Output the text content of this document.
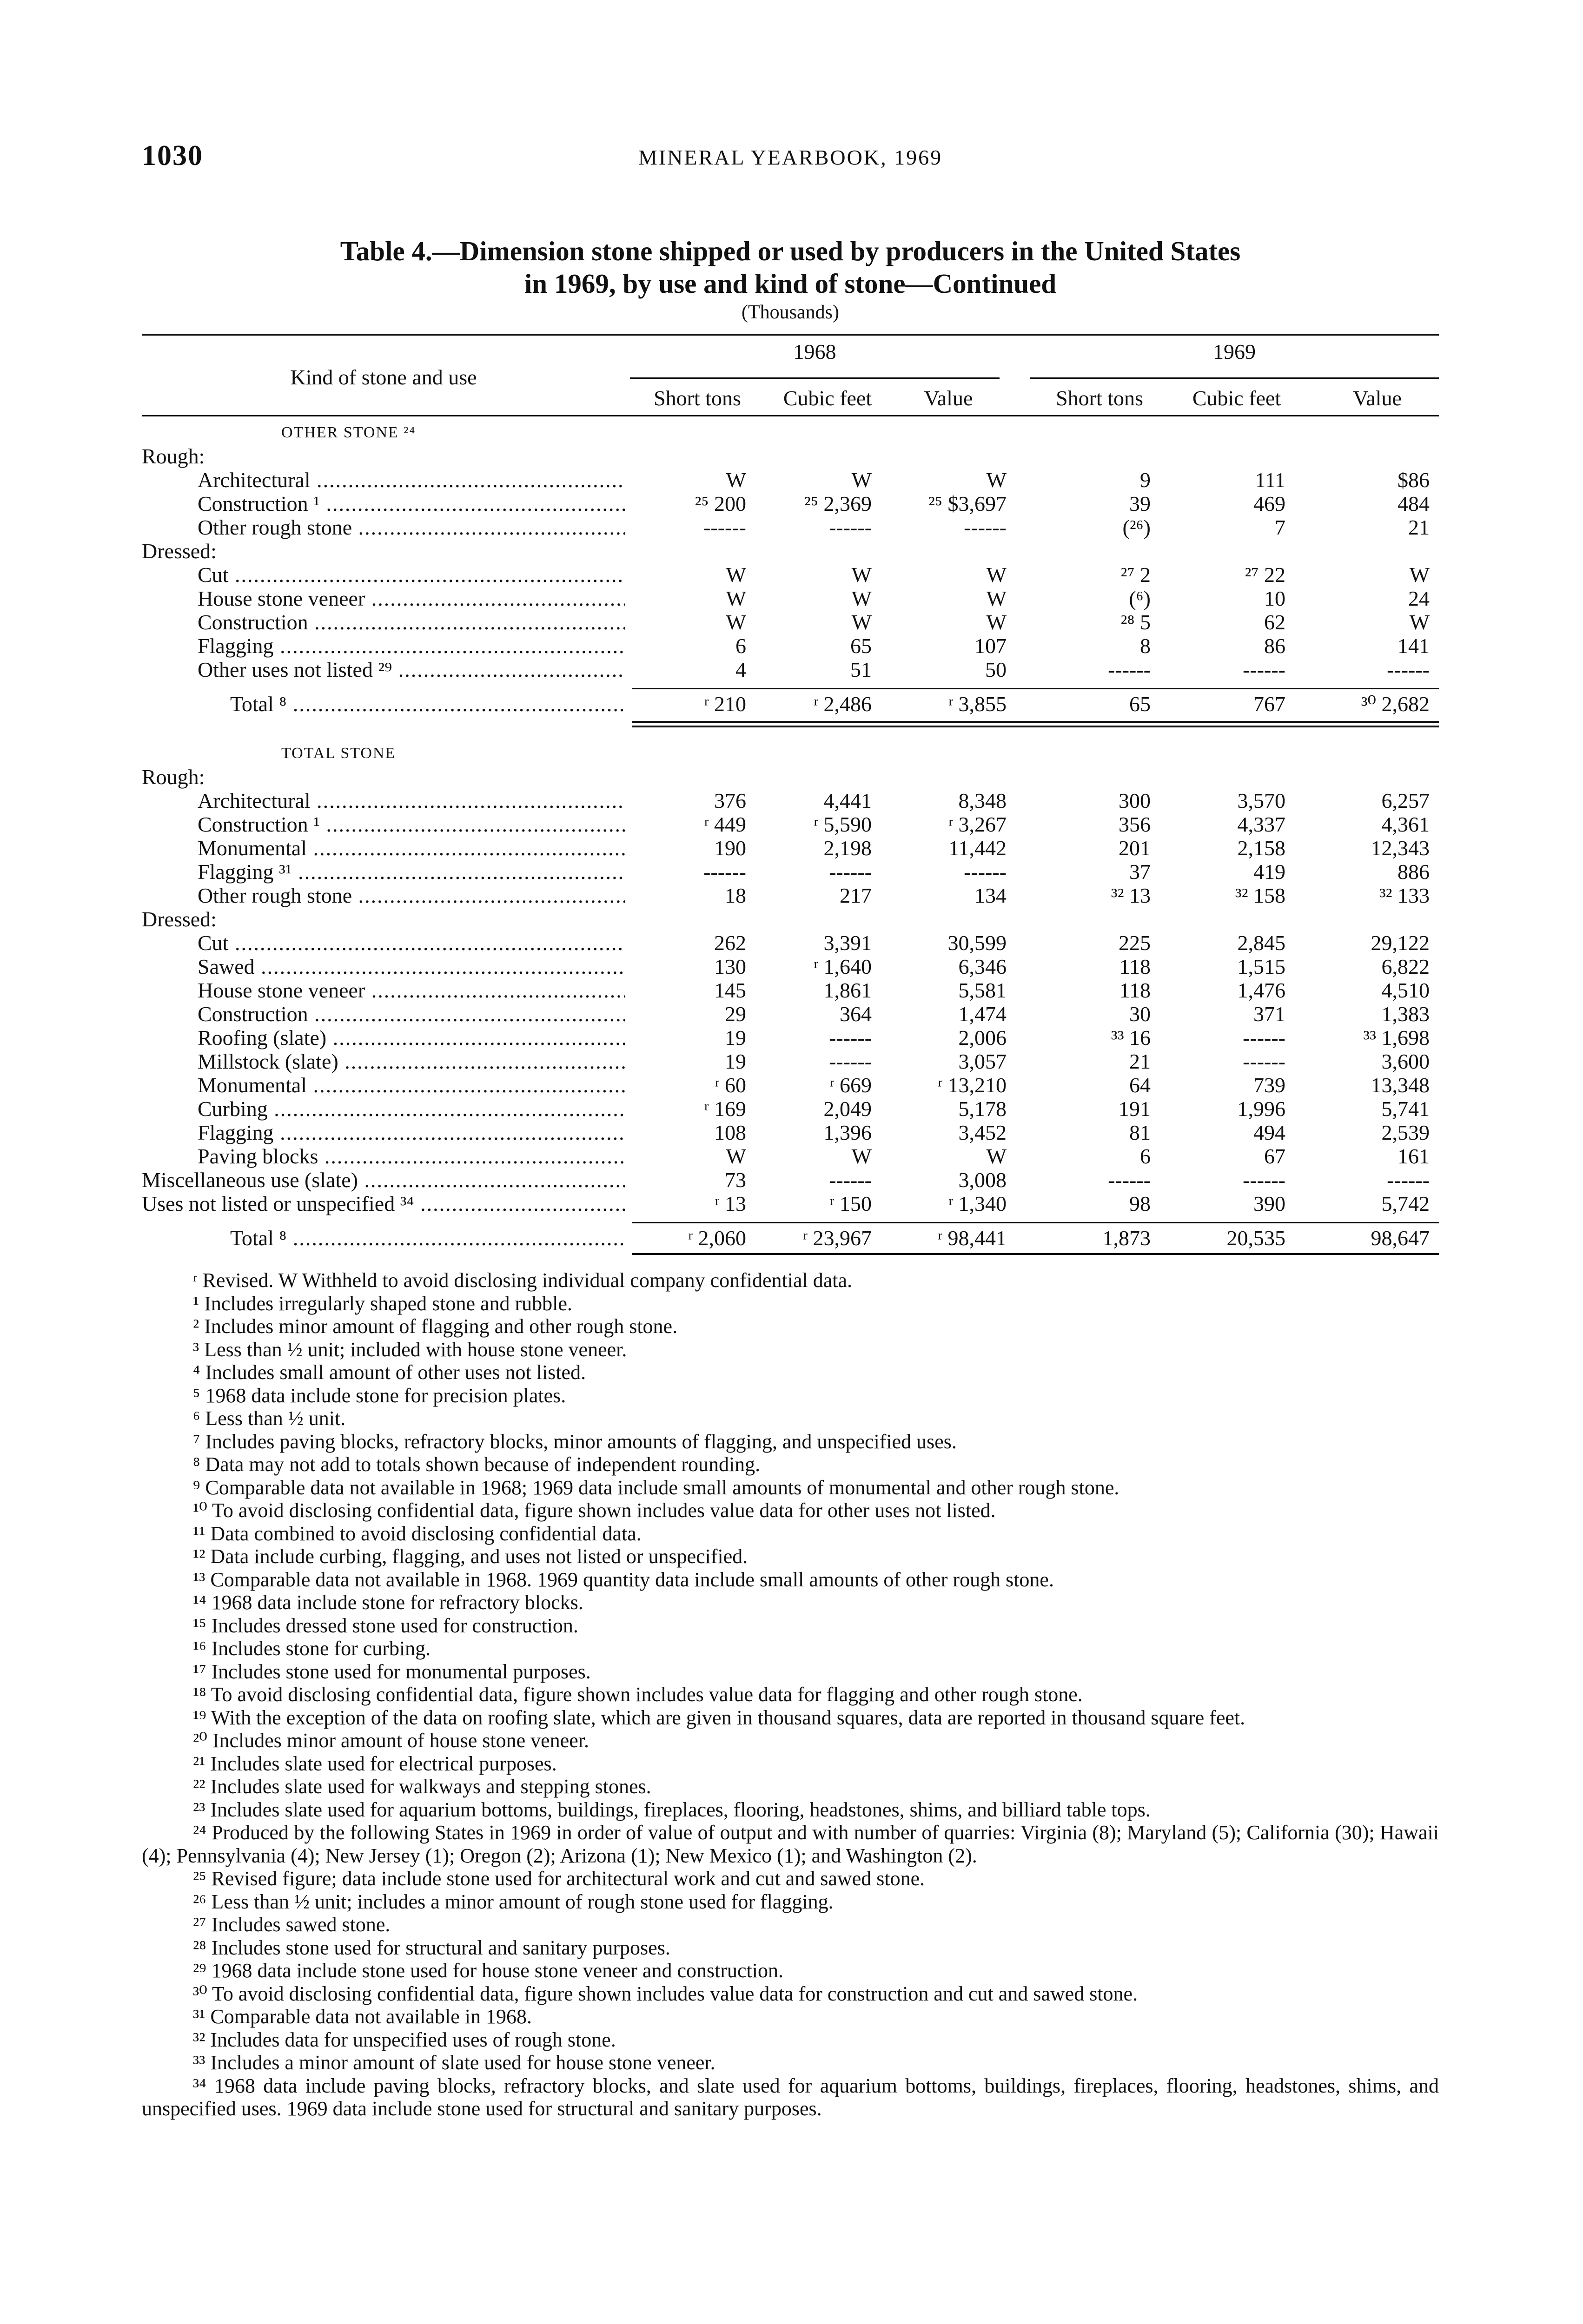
1030	MINERAL YEARBOOK, 1969
Table 4.—Dimension stone shipped or used by producers in the United States
in 1969, by use and kind of stone—Continued
(Thousands)
Kind of stone and use
1968	1969
Short tons	Cubic feet	Value	Short tons	Cubic feet	Value
OTHER STONE ²⁴
Rough:
Architectural .....	W	W	W	9	111	$86
Construction ¹ .....	²⁵ 200	²⁵ 2,369	²⁵ $3,697	39	469	484
Other rough stone .....	------	------	------	(²⁶)	7	21
Dressed:
Cut .....	W	W	W	²⁷ 2	²⁷ 22	W
House stone veneer .....	W	W	W	(⁶)	10	24
Construction .....	W	W	W	²⁸ 5	62	W
Flagging .....	6	65	107	8	86	141
Other uses not listed ²⁹ .....	4	51	50	------	------	------
Total ⁸ .....	ʳ 210	ʳ 2,486	ʳ 3,855	65	767	³⁰ 2,682
TOTAL STONE
Rough:
Architectural .....	376	4,441	8,348	300	3,570	6,257
Construction ¹ .....	ʳ 449	ʳ 5,590	ʳ 3,267	356	4,337	4,361
Monumental .....	190	2,198	11,442	201	2,158	12,343
Flagging ³¹ .....	------	------	------	37	419	886
Other rough stone .....	18	217	134	³² 13	³² 158	³² 133
Dressed:
Cut .....	262	3,391	30,599	225	2,845	29,122
Sawed .....	130	ʳ 1,640	6,346	118	1,515	6,822
House stone veneer .....	145	1,861	5,581	118	1,476	4,510
Construction .....	29	364	1,474	30	371	1,383
Roofing (slate) .....	19	------	2,006	³³ 16	------	³³ 1,698
Millstock (slate) .....	19	------	3,057	21	------	3,600
Monumental .....	ʳ 60	ʳ 669	ʳ 13,210	64	739	13,348
Curbing .....	ʳ 169	2,049	5,178	191	1,996	5,741
Flagging .....	108	1,396	3,452	81	494	2,539
Paving blocks .....	W	W	W	6	67	161
Miscellaneous use (slate) .....	73	------	3,008	------	------	------
Uses not listed or unspecified ³⁴ .....	ʳ 13	ʳ 150	ʳ 1,340	98	390	5,742
Total ⁸ .....	ʳ 2,060	ʳ 23,967	ʳ 98,441	1,873	20,535	98,647

ʳ Revised. W Withheld to avoid disclosing individual company confidential data.

¹ Includes irregularly shaped stone and rubble.

² Includes minor amount of flagging and other rough stone.

³ Less than ½ unit; included with house stone veneer.

⁴ Includes small amount of other uses not listed.

⁵ 1968 data include stone for precision plates.

⁶ Less than ½ unit.

⁷ Includes paving blocks, refractory blocks, minor amounts of flagging, and unspecified uses.

⁸ Data may not add to totals shown because of independent rounding.

⁹ Comparable data not available in 1968; 1969 data include small amounts of monumental and other rough stone.

¹⁰ To avoid disclosing confidential data, figure shown includes value data for other uses not listed.

¹¹ Data combined to avoid disclosing confidential data.

¹² Data include curbing, flagging, and uses not listed or unspecified.

¹³ Comparable data not available in 1968. 1969 quantity data include small amounts of other rough stone.

¹⁴ 1968 data include stone for refractory blocks.

¹⁵ Includes dressed stone used for construction.

¹⁶ Includes stone for curbing.

¹⁷ Includes stone used for monumental purposes.

¹⁸ To avoid disclosing confidential data, figure shown includes value data for flagging and other rough stone.

¹⁹ With the exception of the data on roofing slate, which are given in thousand squares, data are reported in thousand square feet.

²⁰ Includes minor amount of house stone veneer.

²¹ Includes slate used for electrical purposes.

²² Includes slate used for walkways and stepping stones.

²³ Includes slate used for aquarium bottoms, buildings, fireplaces, flooring, headstones, shims, and billiard table tops.

²⁴ Produced by the following States in 1969 in order of value of output and with number of quarries: Virginia (8); Maryland (5); California (30); Hawaii (4); Pennsylvania (4); New Jersey (1); Oregon (2); Arizona (1); New Mexico (1); and Washington (2).

²⁵ Revised figure; data include stone used for architectural work and cut and sawed stone.

²⁶ Less than ½ unit; includes a minor amount of rough stone used for flagging.

²⁷ Includes sawed stone.

²⁸ Includes stone used for structural and sanitary purposes.

²⁹ 1968 data include stone used for house stone veneer and construction.

³⁰ To avoid disclosing confidential data, figure shown includes value data for construction and cut and sawed stone.

³¹ Comparable data not available in 1968.

³² Includes data for unspecified uses of rough stone.

³³ Includes a minor amount of slate used for house stone veneer.

³⁴ 1968 data include paving blocks, refractory blocks, and slate used for aquarium bottoms, buildings, fireplaces, flooring, headstones, shims, and unspecified uses. 1969 data include stone used for structural and sanitary purposes.
